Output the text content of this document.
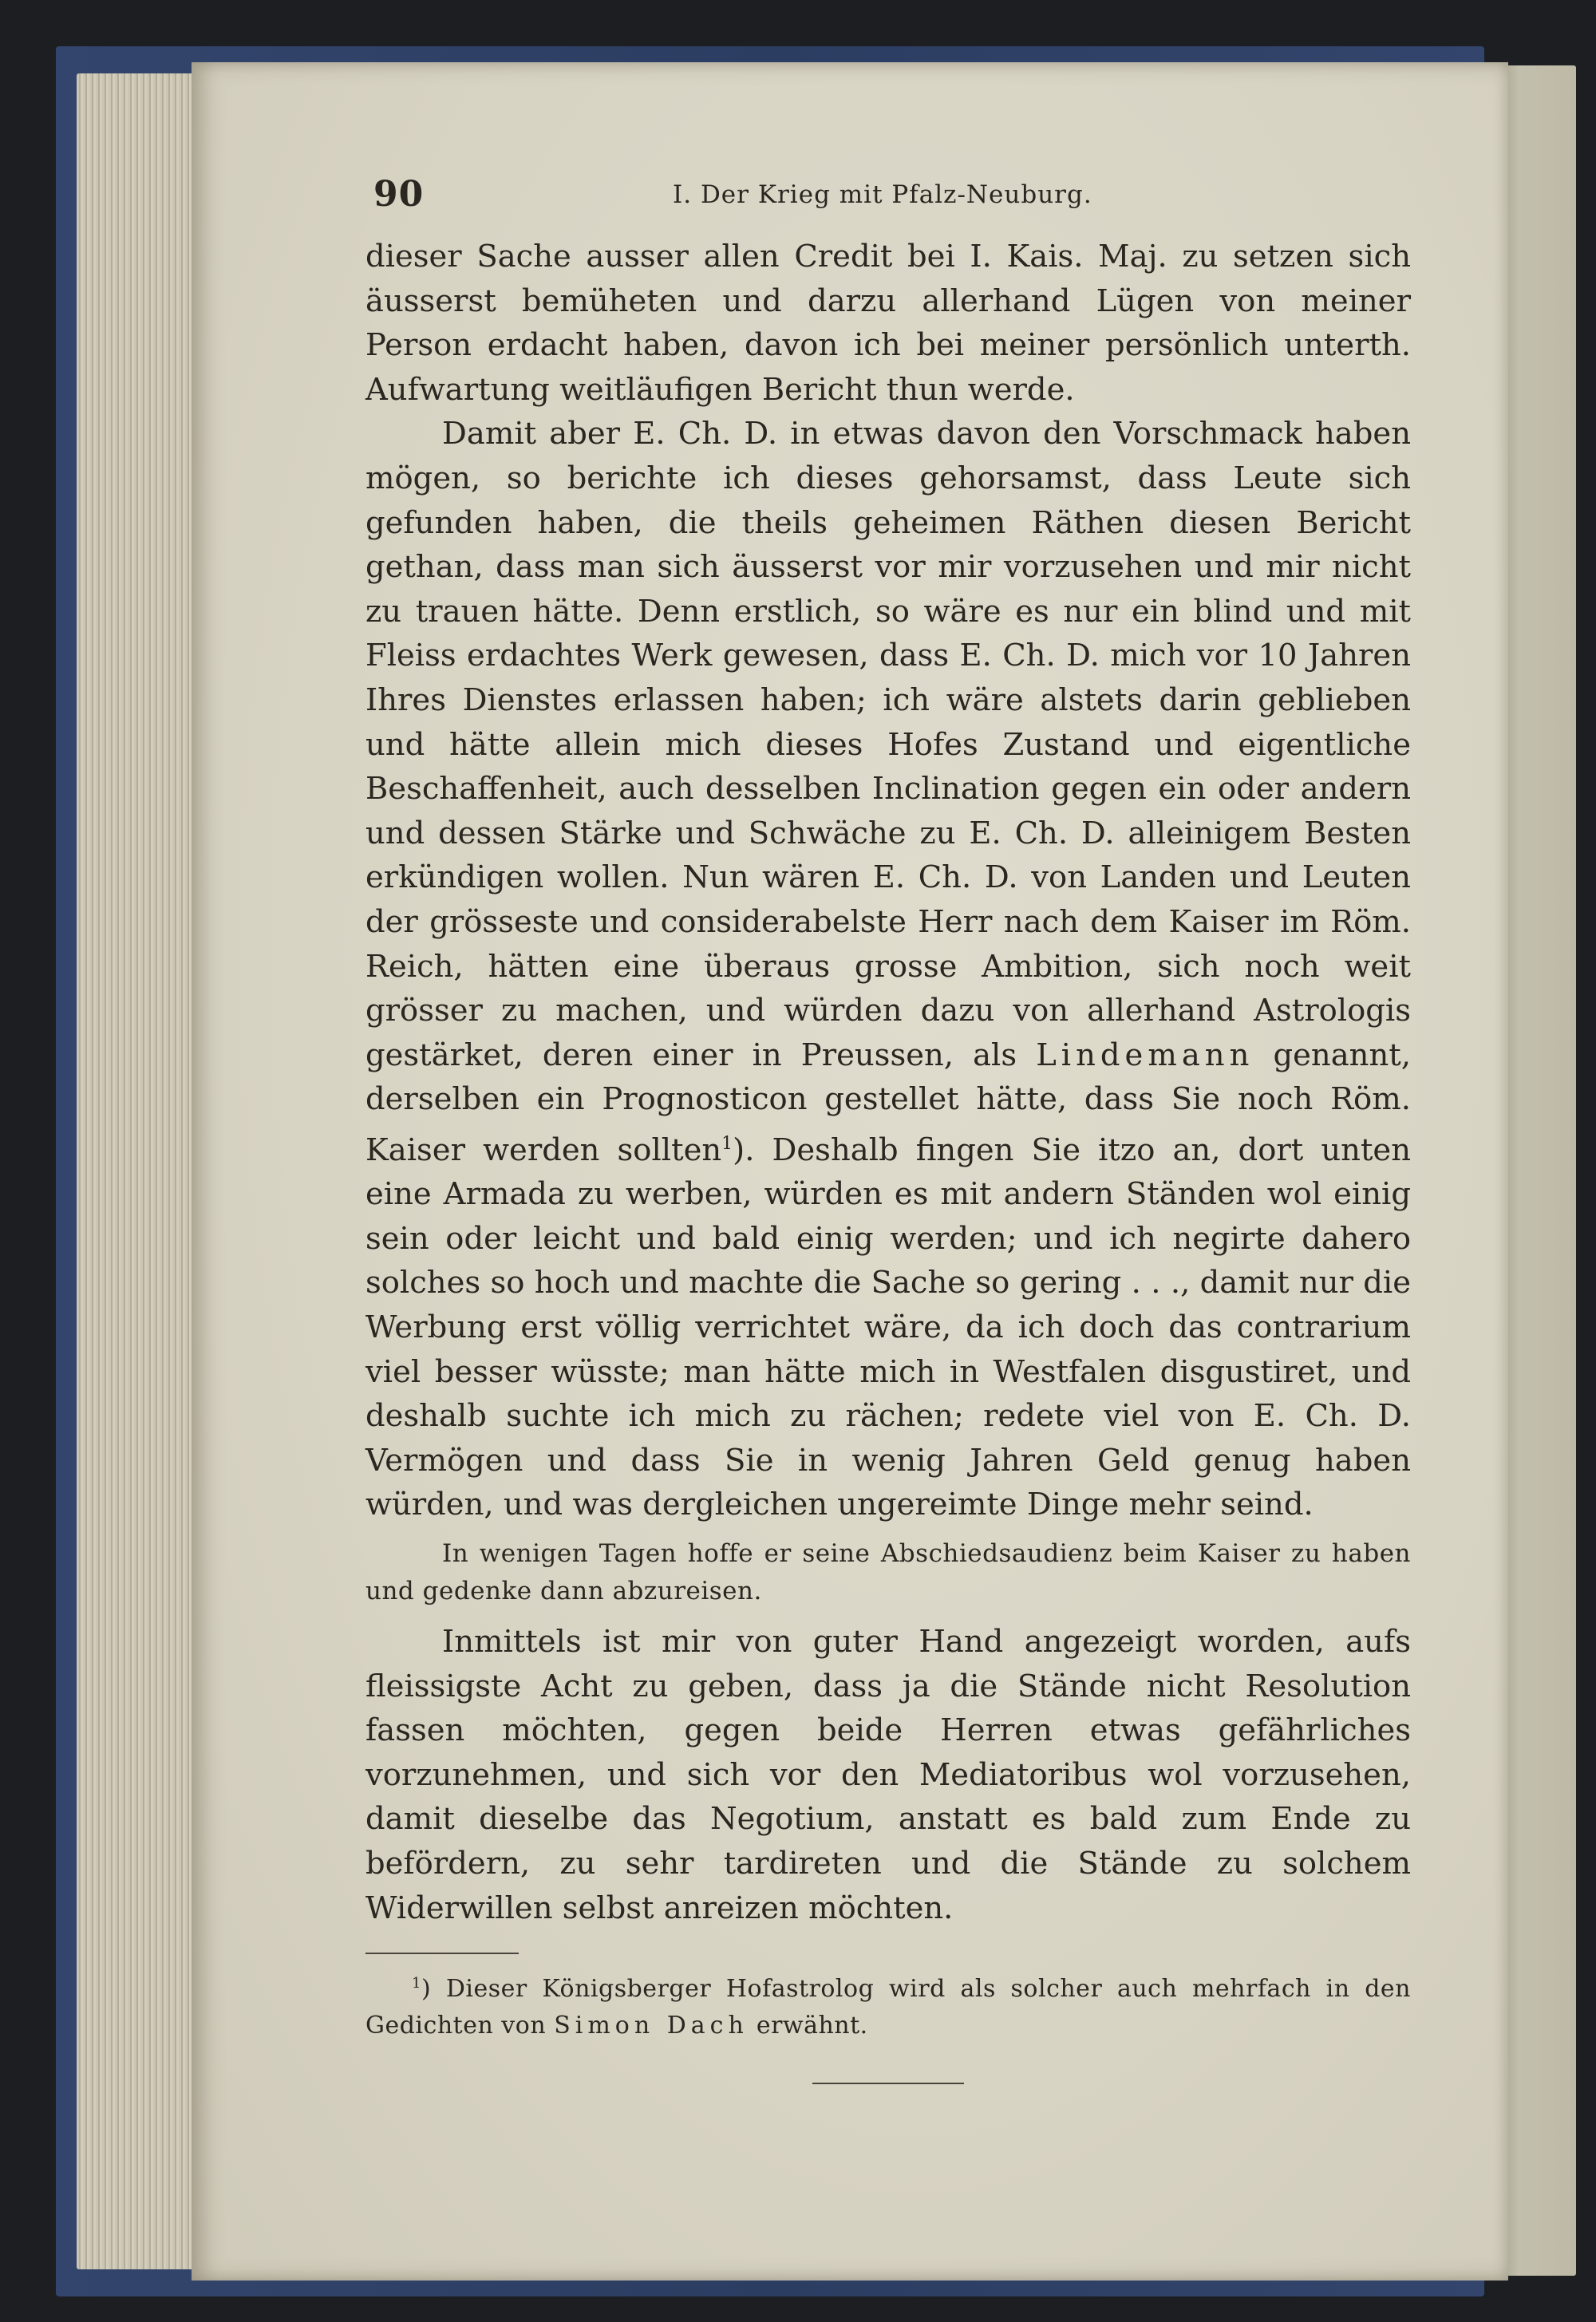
90	I. Der Krieg mit Pfalz-Neuburg.

dieser Sache ausser allen Credit bei I. Kais. Maj. zu setzen sich äusserst bemüheten und darzu allerhand Lügen von meiner Person erdacht haben, davon ich bei meiner persönlich unterth. Aufwartung weitläufigen Bericht thun werde.

Damit aber E. Ch. D. in etwas davon den Vorschmack haben mögen, so berichte ich dieses gehorsamst, dass Leute sich gefunden haben, die theils geheimen Räthen diesen Bericht gethan, dass man sich äusserst vor mir vorzusehen und mir nicht zu trauen hätte. Denn erstlich, so wäre es nur ein blind und mit Fleiss erdachtes Werk gewesen, dass E. Ch. D. mich vor 10 Jahren Ihres Dienstes erlassen haben; ich wäre alstets darin geblieben und hätte allein mich dieses Hofes Zustand und eigentliche Beschaffenheit, auch desselben Inclination gegen ein oder andern und dessen Stärke und Schwäche zu E. Ch. D. alleinigem Besten erkündigen wollen. Nun wären E. Ch. D. von Landen und Leuten der grösseste und considerabelste Herr nach dem Kaiser im Röm. Reich, hätten eine überaus grosse Ambition, sich noch weit grösser zu machen, und würden dazu von allerhand Astrologis gestärket, deren einer in Preussen, als Lindemann genannt, derselben ein Prognosticon gestellet hätte, dass Sie noch Röm. Kaiser werden sollten$^1$). Deshalb fingen Sie itzo an, dort unten eine Armada zu werben, würden es mit andern Ständen wol einig sein oder leicht und bald einig werden; und ich negirte dahero solches so hoch und machte die Sache so gering . . ., damit nur die Werbung erst völlig verrichtet wäre, da ich doch das contrarium viel besser wüsste; man hätte mich in Westfalen disgustiret, und deshalb suchte ich mich zu rächen; redete viel von E. Ch. D. Vermögen und dass Sie in wenig Jahren Geld genug haben würden, und was dergleichen ungereimte Dinge mehr seind.

In wenigen Tagen hoffe er seine Abschiedsaudienz beim Kaiser zu haben und gedenke dann abzureisen.

Inmittels ist mir von guter Hand angezeigt worden, aufs fleissigste Acht zu geben, dass ja die Stände nicht Resolution fassen möchten, gegen beide Herren etwas gefährliches vorzunehmen, und sich vor den Mediatoribus wol vorzusehen, damit dieselbe das Negotium, anstatt es bald zum Ende zu befördern, zu sehr tardireten und die Stände zu solchem Widerwillen selbst anreizen möchten.

$^1$) Dieser Königsberger Hofastrolog wird als solcher auch mehrfach in den Gedichten von Simon Dach erwähnt.
